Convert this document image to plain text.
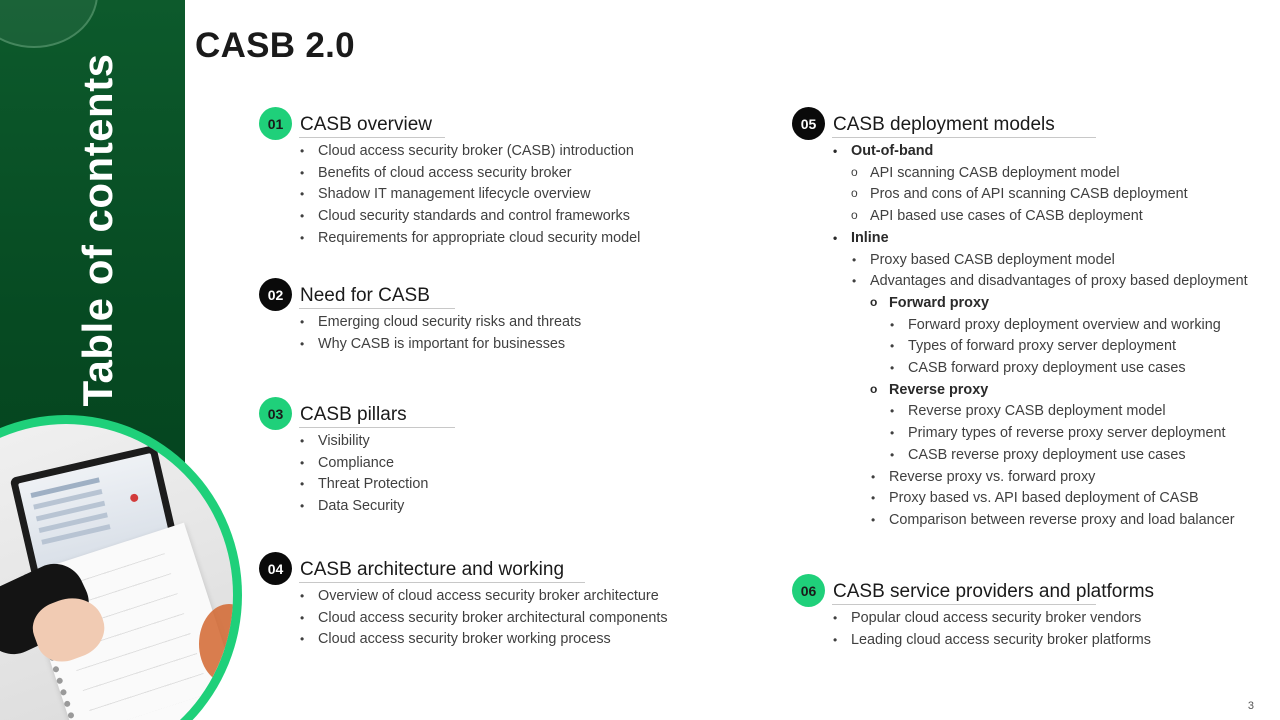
Table of contents
CASB 2.0
01 CASB overview
• Cloud access security broker (CASB) introduction
• Benefits of cloud access security broker
• Shadow IT management lifecycle overview
• Cloud security standards and control frameworks
• Requirements for appropriate cloud security model
02 Need for CASB
• Emerging cloud security risks and threats
• Why CASB is important for businesses
03 CASB pillars
• Visibility
• Compliance
• Threat Protection
• Data Security
04 CASB architecture and working
• Overview of cloud access security broker architecture
• Cloud access security broker architectural components
• Cloud access security broker working process
05 CASB deployment models
• Out-of-band
o API scanning CASB deployment model
o Pros and cons of API scanning CASB deployment
o API based use cases of CASB deployment
• Inline
• Proxy based CASB deployment model
• Advantages and disadvantages of proxy based deployment
o Forward proxy
• Forward proxy deployment overview and working
• Types of forward proxy server deployment
• CASB forward proxy deployment use cases
o Reverse proxy
• Reverse proxy CASB deployment model
• Primary types of reverse proxy server deployment
• CASB reverse proxy deployment use cases
• Reverse proxy vs. forward proxy
• Proxy based vs. API based deployment of CASB
• Comparison between reverse proxy and load balancer
06 CASB service providers and platforms
• Popular cloud access security broker vendors
• Leading cloud access security broker platforms
3
